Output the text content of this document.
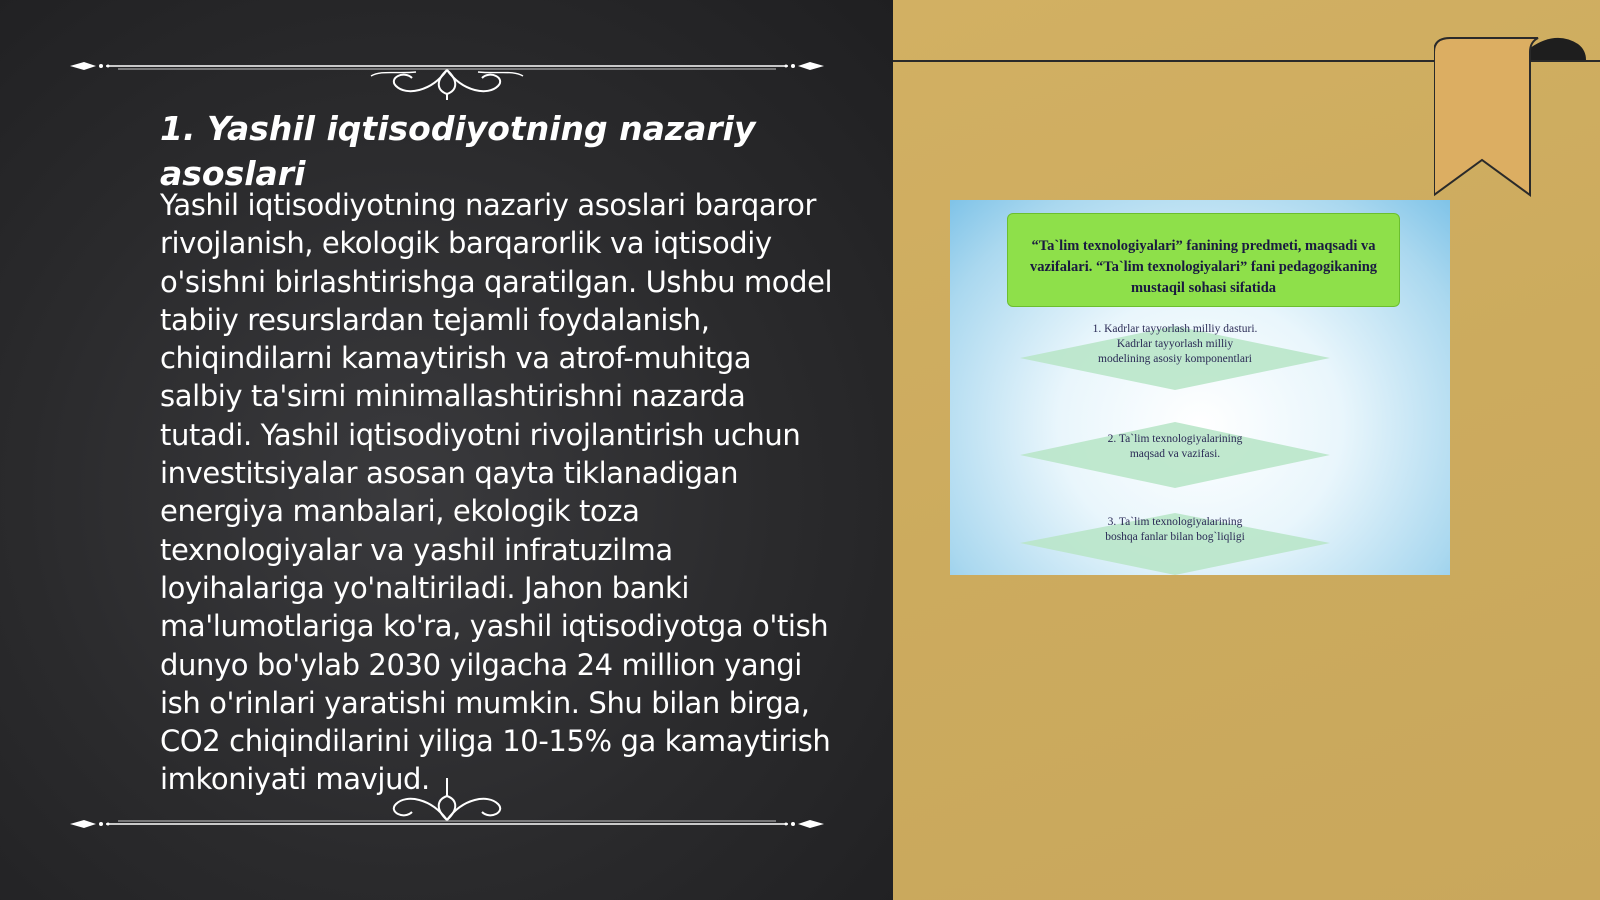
1. Yashil iqtisodiyotning nazariy asoslari

Yashil iqtisodiyotning nazariy asoslari barqaror rivojlanish, ekologik barqarorlik va iqtisodiy o'sishni birlashtirishga qaratilgan. Ushbu model tabiiy resurslardan tejamli foydalanish, chiqindilarni kamaytirish va atrof-muhitga salbiy ta'sirni minimallashtirishni nazarda tutadi. Yashil iqtisodiyotni rivojlantirish uchun investitsiyalar asosan qayta tiklanadigan energiya manbalari, ekologik toza texnologiyalar va yashil infratuzilma loyihalariga yo'naltiriladi. Jahon banki ma'lumotlariga ko'ra, yashil iqtisodiyotga o'tish dunyo bo'ylab 2030 yilgacha 24 million yangi ish o'rinlari yaratishi mumkin. Shu bilan birga, CO2 chiqindilarini yiliga 10-15% ga kamaytirish imkoniyati mavjud.

“Ta`lim texnologiyalari” fanining predmeti, maqsadi va vazifalari. “Ta`lim texnologiyalari” fani pedagogikaning mustaqil sohasi sifatida
1. Kadrlar tayyorlash milliy dasturi. Kadrlar tayyorlash milliy modelining asosiy komponentlari
2. Ta`lim texnologiyalarining maqsad va vazifasi.
3. Ta`lim texnologiyalarining boshqa fanlar bilan bog`liqligi
